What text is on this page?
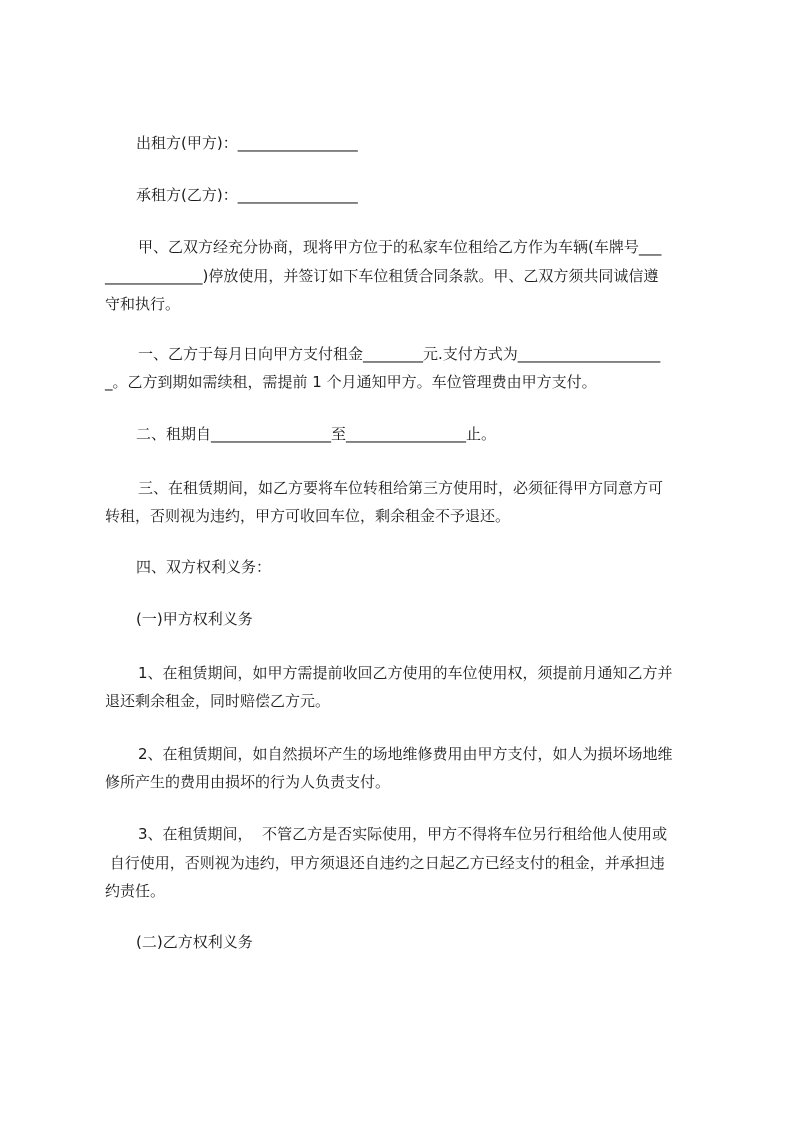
出租方(甲方)：________________
承租方(乙方)：________________
甲、乙双方经充分协商，现将甲方位于的私家车位租给乙方作为车辆(车牌号___
_____________)停放使用，并签订如下车位租赁合同条款。甲、乙双方须共同诚信遵
守和执行。
一、乙方于每月日向甲方支付租金________元.支付方式为___________________
_。乙方到期如需续租，需提前 1 个月通知甲方。车位管理费由甲方支付。
二、租期自________________至________________止。
三、在租赁期间，如乙方要将车位转租给第三方使用时，必须征得甲方同意方可
转租，否则视为违约，甲方可收回车位，剩余租金不予退还。
四、双方权利义务：
(一)甲方权利义务
1、在租赁期间，如甲方需提前收回乙方使用的车位使用权，须提前月通知乙方并
退还剩余租金，同时赔偿乙方元。
2、在租赁期间，如自然损坏产生的场地维修费用由甲方支付，如人为损坏场地维
修所产生的费用由损坏的行为人负责支付。
3、在租赁期间，  不管乙方是否实际使用，甲方不得将车位另行租给他人使用或
自行使用，否则视为违约，甲方须退还自违约之日起乙方已经支付的租金，并承担违
约责任。
(二)乙方权利义务
